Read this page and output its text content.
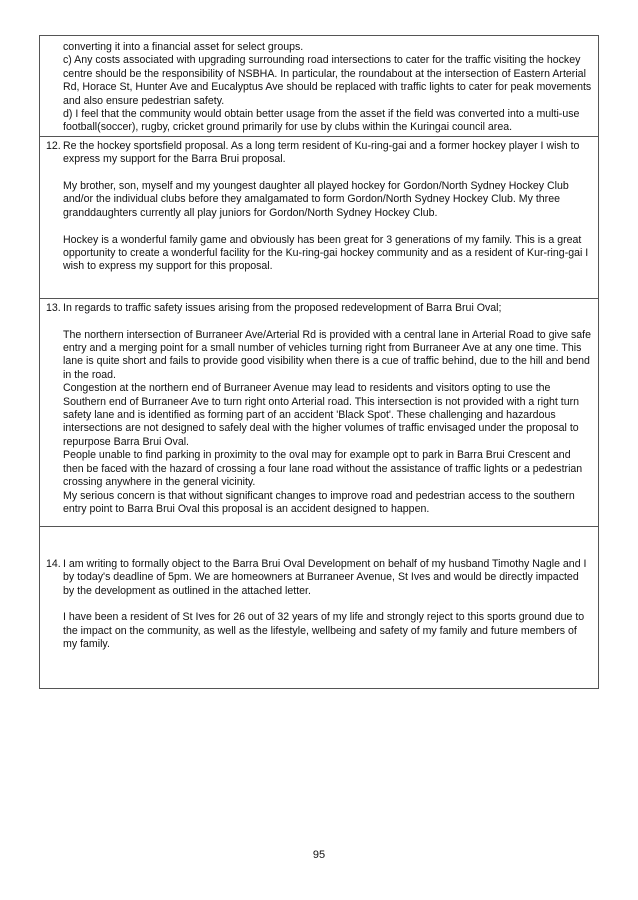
converting it into a financial asset for select groups.

c) Any costs associated with upgrading surrounding road intersections to cater for the traffic visiting the hockey centre should be the responsibility of NSBHA. In particular, the roundabout at the intersection of Eastern Arterial Rd, Horace St, Hunter Ave and Eucalyptus Ave should be replaced with traffic lights to cater for peak movements and also ensure pedestrian safety.

d) I feel that the community would obtain better usage from the asset if the field was converted into a multi-use football(soccer), rugby, cricket ground primarily for use by clubs within the Kuringai council area.

12. Re the hockey sportsfield proposal. As a long term resident of Ku-ring-gai and a former hockey player I wish to express my support for the Barra Brui proposal.

My brother, son, myself and my youngest daughter all played hockey for Gordon/North Sydney Hockey Club and/or the individual clubs before they amalgamated to form Gordon/North Sydney Hockey Club. My three granddaughters currently all play juniors for Gordon/North Sydney Hockey Club.

Hockey is a wonderful family game and obviously has been great for 3 generations of my family. This is a great opportunity to create a wonderful facility for the Ku-ring-gai hockey community and as a resident of Kur-ring-gai I wish to express my support for this proposal.

13. In regards to traffic safety issues arising from the proposed redevelopment of Barra Brui Oval;

The northern intersection of Burraneer Ave/Arterial Rd is provided with a central lane in Arterial Road to give safe entry and a merging point for a small number of vehicles turning right from Burraneer Ave at any one time. This lane is quite short and fails to provide good visibility when there is a cue of traffic behind, due to the hill and bend in the road.

Congestion at the northern end of Burraneer Avenue may lead to residents and visitors opting to use the Southern end of Burraneer Ave to turn right onto Arterial road. This intersection is not provided with a right turn safety lane and is identified as forming part of an accident 'Black Spot'. These challenging and hazardous intersections are not designed to safely deal with the higher volumes of traffic envisaged under the proposal to repurpose Barra Brui Oval.

People unable to find parking in proximity to the oval may for example opt to park in Barra Brui Crescent and then be faced with the hazard of crossing a four lane road without the assistance of traffic lights or a pedestrian crossing anywhere in the general vicinity.

My serious concern is that without significant changes to improve road and pedestrian access to the southern entry point to Barra Brui Oval this proposal is an accident designed to happen.

14. I am writing to formally object to the Barra Brui Oval Development on behalf of my husband Timothy Nagle and I by today's deadline of 5pm. We are homeowners at Burraneer Avenue, St Ives and would be directly impacted by the development as outlined in the attached letter.

I have been a resident of St Ives for 26 out of 32 years of my life and strongly reject to this sports ground due to the impact on the community, as well as the lifestyle, wellbeing and safety of my family and future members of my family.

95
